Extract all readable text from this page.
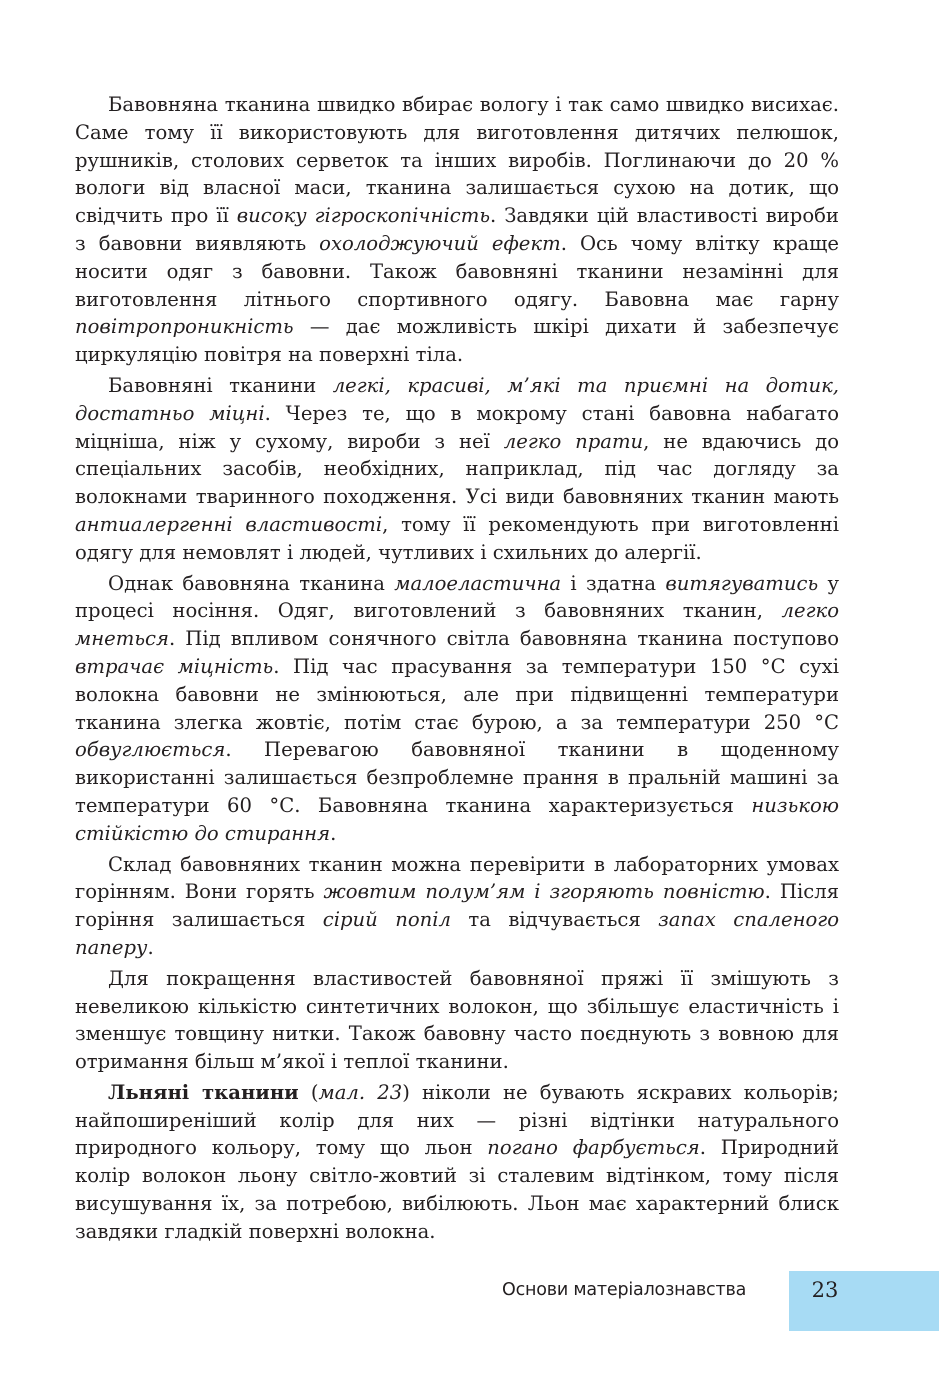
Бавовняна тканина швидко вбирає вологу і так само швидко висихає. Саме тому її використовують для виготовлення дитячих пелюшок, рушників, столових серветок та інших виробів. Поглинаючи до 20 % вологи від власної маси, тканина залишається сухою на дотик, що свідчить про її високу гігроскопічність. Завдяки цій властивості вироби з бавовни виявляють охолоджуючий ефект. Ось чому влітку краще носити одяг з бавовни. Також бавовняні тканини незамінні для виготовлення літнього спортивного одягу. Бавовна має гарну повітропроникність — дає можливість шкірі дихати й забезпечує циркуляцію повітря на поверхні тіла.

Бавовняні тканини легкі, красиві, м’які та приємні на дотик, достатньо міцні. Через те, що в мокрому стані бавовна набагато міцніша, ніж у сухому, вироби з неї легко прати, не вдаючись до спеціальних засобів, необхідних, наприклад, під час догляду за волокнами тваринного походження. Усі види бавовняних тканин мають антиалергенні властивості, тому її рекомендують при виготовленні одягу для немовлят і людей, чутливих і схильних до алергії.

Однак бавовняна тканина малоеластична і здатна витягуватись у процесі носіння. Одяг, виготовлений з бавовняних тканин, легко мнеться. Під впливом сонячного світла бавовняна тканина поступово втрачає міцність. Під час прасування за температури 150 °С сухі волокна бавовни не змінюються, але при підвищенні температури тканина злегка жовтіє, потім стає бурою, а за температури 250 °С обвуглюється. Перевагою бавовняної тканини в щоденному використанні залишається безпроблемне прання в пральній машині за температури 60 °С. Бавовняна тканина характеризується низькою стійкістю до стирання.

Склад бавовняних тканин можна перевірити в лабораторних умовах горінням. Вони горять жовтим полум’ям і згоряють повністю. Після горіння залишається сірий попіл та відчувається запах спаленого паперу.

Для покращення властивостей бавовняної пряжі її змішують з невеликою кількістю синтетичних волокон, що збільшує еластичність і зменшує товщину нитки. Також бавовну часто поєднують з вовною для отримання більш м’якої і теплої тканини.

Льняні тканини (мал. 23) ніколи не бувають яскравих кольорів; найпоширеніший колір для них — різні відтінки натурального природного кольору, тому що льон погано фарбується. Природний колір волокон льону світло-жовтий зі сталевим відтінком, тому після висушування їх, за потребою, вибілюють. Льон має характерний блиск завдяки гладкій поверхні волокна.

Основи матеріалознавства	23
